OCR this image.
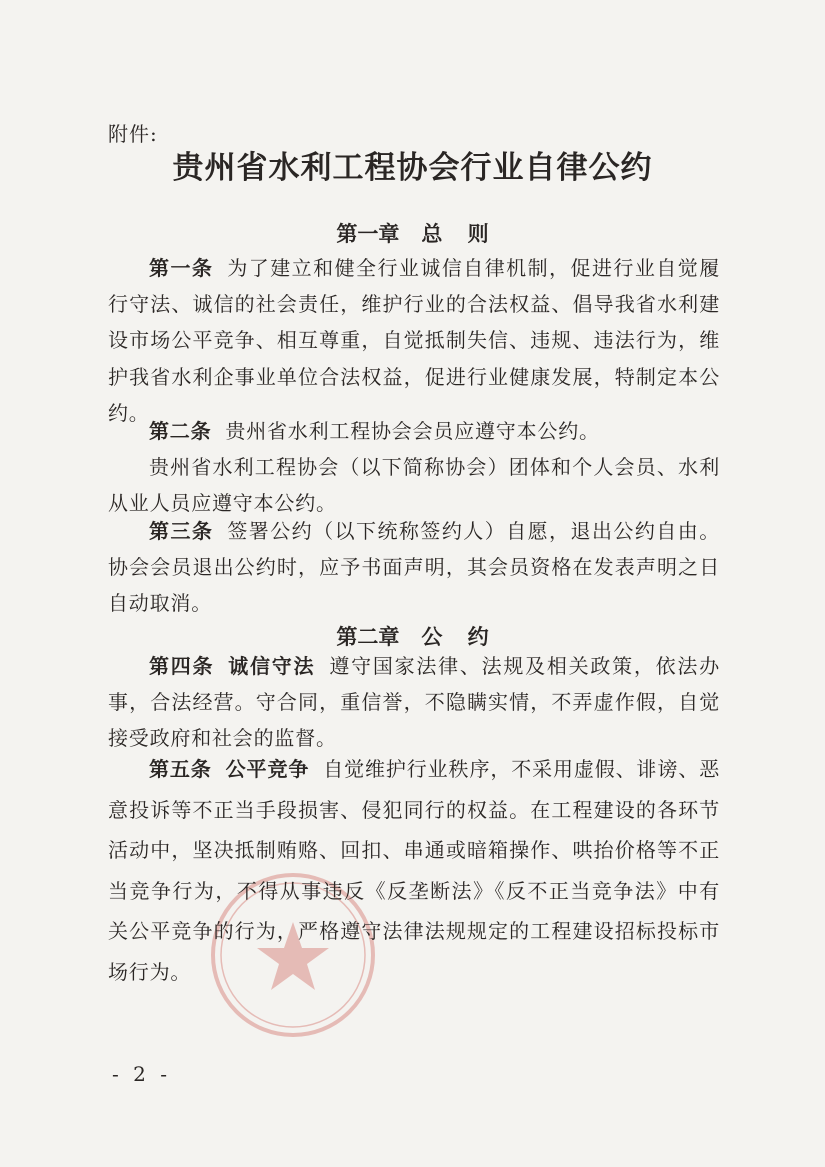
附件:
贵州省水利工程协会行业自律公约
第一章 总 则

第一条 为了建立和健全行业诚信自律机制，促进行业自觉履行守法、诚信的社会责任，维护行业的合法权益、倡导我省水利建设市场公平竞争、相互尊重，自觉抵制失信、违规、违法行为，维护我省水利企事业单位合法权益，促进行业健康发展，特制定本公约。

第二条 贵州省水利工程协会会员应遵守本公约。

贵州省水利工程协会（以下简称协会）团体和个人会员、水利从业人员应遵守本公约。

第三条 签署公约（以下统称签约人）自愿，退出公约自由。协会会员退出公约时，应予书面声明，其会员资格在发表声明之日自动取消。

第二章 公 约

第四条 诚信守法 遵守国家法律、法规及相关政策，依法办事，合法经营。守合同，重信誉，不隐瞒实情，不弄虚作假，自觉接受政府和社会的监督。

第五条 公平竞争 自觉维护行业秩序，不采用虚假、诽谤、恶意投诉等不正当手段损害、侵犯同行的权益。在工程建设的各环节活动中，坚决抵制贿赂、回扣、串通或暗箱操作、哄抬价格等不正当竞争行为，不得从事违反《反垄断法》《反不正当竞争法》中有关公平竞争的行为，严格遵守法律法规规定的工程建设招标投标市场行为。

- 2 -
